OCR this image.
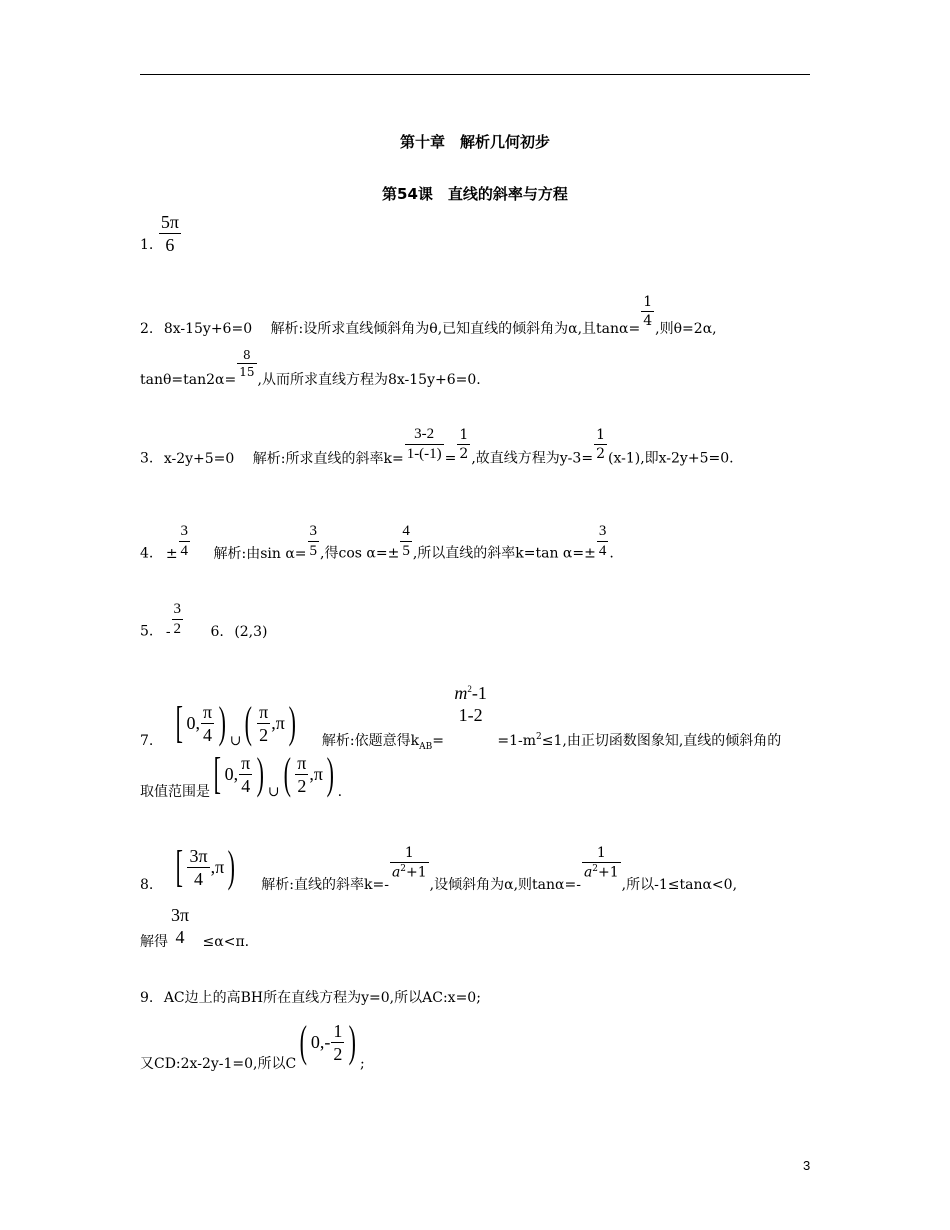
第十章　解析几何初步
第54课　直线的斜率与方程
1. $\frac{5\pi}{6}$
2. 8x-15y+6=0 解析:设所求直线倾斜角为θ,已知直线的倾斜角为α,且tanα=
$\frac{1}{4}$
,则θ=2α,
tanθ=tan2α=
$\frac{8}{15}$
,从而所求直线方程为8x-15y+6=0.
3. x-2y+5=0 解析:所求直线的斜率$k= \frac{3-2}{1-(-1)} = \frac{1}{2}$ ,故直线方程为$y-3= \frac{1}{2} (x-1)$,即x-2y+5=0.
4. ± $\frac{3}{4}$ 解析:由$\sin \alpha= \frac{3}{5}$ ,得$\cos \alpha=\pm \frac{4}{5}$ ,所以直线的斜率k=tan $\alpha=\pm \frac{3}{4}$ .
5. - $\frac{3}{2} 6$. (2,3)
7. [ 0, $\frac{\pi}{4}$ ) ∪( $\frac{\pi}{2} ,\pi$) 解析:依题意得$k_{AB}=$
$m^2-1$
1-2
$=1-m_2\le 1$,由正切函数图象知,直线的倾斜角的
取值范围是[ 0, $\frac{\pi}{4}$ ) ∪( $\frac{\pi}{2} ,\pi$) .
8. [ $\frac{3\pi}{4} ,\pi$) 解析:直线的斜率k=-
$\frac{1}{a^2+1}$
,设倾斜角为α,则tanα=-
$\frac{1}{a^2+1}$
,所以-1≤tanα<0,
解得
3π
4	≤α<π.
9. AC边上的高BH所在直线方程为y=0,所以AC:x=0;
又CD:2x-2y-1=0,所以C( $0,- \frac{1}{2}$ ) ;
3
